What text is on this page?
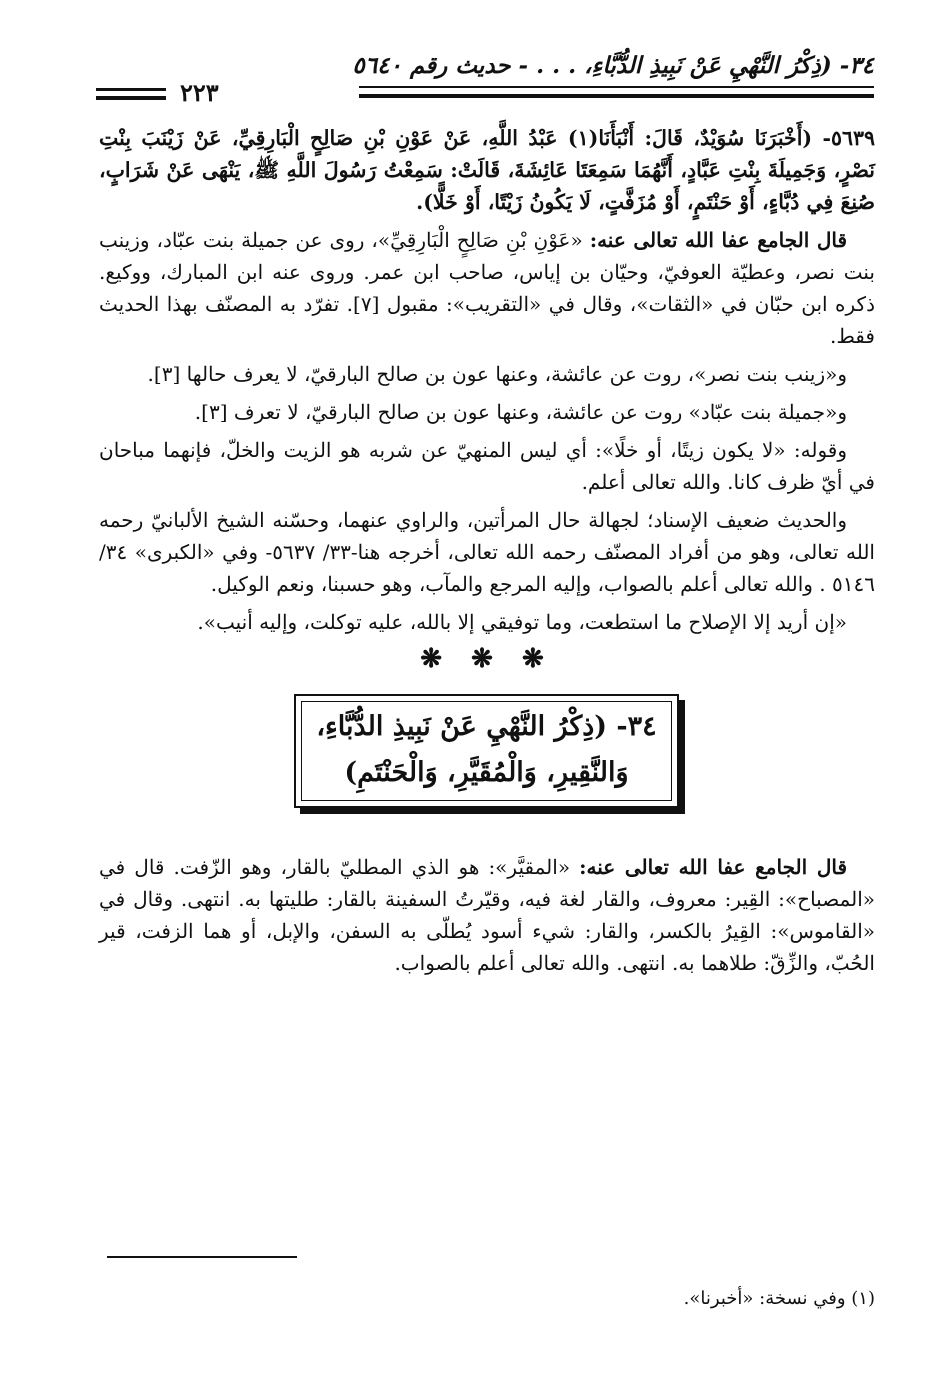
٣٤- (ذِكْرُ النَّهْيِ عَنْ نَبِيذِ الدُّبَّاءِ، . . . - حديث رقم ٥٦٤٠
٢٢٣

٥٦٣٩- (أَخْبَرَنَا سُوَيْدٌ، قَالَ: أَنْبَأَنَا(١) عَبْدُ اللَّهِ، عَنْ عَوْنِ بْنِ صَالِحٍ الْبَارِقِيِّ، عَنْ زَيْنَبَ بِنْتِ نَصْرٍ، وَجَمِيلَةَ بِنْتِ عَبَّادٍ، أَنَّهُمَا سَمِعَتَا عَائِشَةَ، قَالَتْ: سَمِعْتُ رَسُولَ اللَّهِ ﷺ، يَنْهَى عَنْ شَرَابٍ، صُنِعَ فِي دُبَّاءٍ، أَوْ حَنْتَمٍ، أَوْ مُزَفَّتٍ، لَا يَكُونُ زَيْتًا، أَوْ خَلًّا).

قال الجامع عفا الله تعالى عنه: «عَوْنِ بْنِ صَالِحٍ الْبَارِقِيِّ»، روى عن جميلة بنت عبّاد، وزينب بنت نصر، وعطيّة العوفيّ، وحيّان بن إياس، صاحب ابن عمر. وروى عنه ابن المبارك، ووكيع. ذكره ابن حبّان في «الثقات»، وقال في «التقريب»: مقبول [٧]. تفرّد به المصنّف بهذا الحديث فقط.

و«زينب بنت نصر»، روت عن عائشة، وعنها عون بن صالح البارقيّ، لا يعرف حالها [٣].

و«جميلة بنت عبّاد» روت عن عائشة، وعنها عون بن صالح البارقيّ، لا تعرف [٣].

وقوله: «لا يكون زيتًا، أو خلًا»: أي ليس المنهيّ عن شربه هو الزيت والخلّ، فإنهما مباحان في أيّ ظرف كانا. والله تعالى أعلم.

والحديث ضعيف الإسناد؛ لجهالة حال المرأتين، والراوي عنهما، وحسّنه الشيخ الألبانيّ رحمه الله تعالى، وهو من أفراد المصنّف رحمه الله تعالى، أخرجه هنا-٣٣/ ٥٦٣٧- وفي «الكبرى» ٣٤/ ٥١٤٦ . والله تعالى أعلم بالصواب، وإليه المرجع والمآب، وهو حسبنا، ونعم الوكيل.

«إن أريد إلا الإصلاح ما استطعت، وما توفيقي إلا بالله، عليه توكلت، وإليه أنيب».

❋ ❋ ❋
٣٤- (ذِكْرُ النَّهْيِ عَنْ نَبِيذِ الدُّبَّاءِ،
وَالنَّقِيرِ، وَالْمُقَيَّرِ، وَالْحَنْتَمِ)

قال الجامع عفا الله تعالى عنه: «المقيَّر»: هو الذي المطليّ بالقار، وهو الزّفت. قال في «المصباح»: القِير: معروف، والقار لغة فيه، وقيّرتُ السفينة بالقار: طليتها به. انتهى. وقال في «القاموس»: القِيرُ بالكسر، والقار: شيء أسود يُطلّى به السفن، والإبل، أو هما الزفت، قير الحُبّ، والزِّقّ: طلاهما به. انتهى. والله تعالى أعلم بالصواب.

(١) وفي نسخة: «أخبرنا».
